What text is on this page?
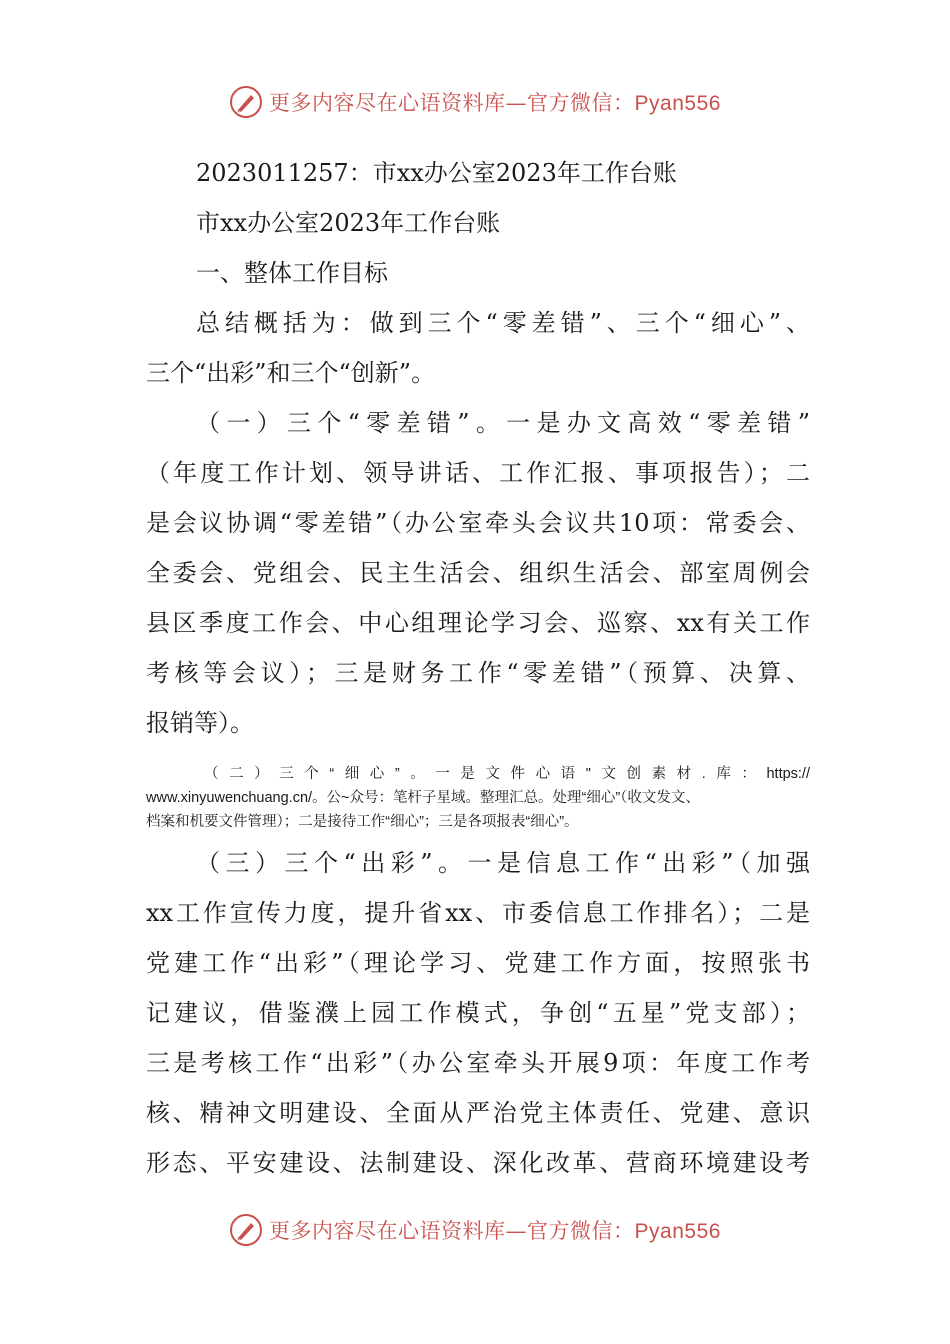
更多内容尽在心语资料库—官方微信：Pyan556
2023011257：市xx办公室2023年工作台账
市xx办公室2023年工作台账
一、整体工作目标
总结概括为：做到三个“零差错”、三个“细心”、
三个“出彩”和三个“创新”。
（一）三个“零差错”。一是办文高效“零差错”
（年度工作计划、领导讲话、工作汇报、事项报告）；二
是会议协调“零差错”（办公室牵头会议共10项：常委会、
全委会、党组会、民主生活会、组织生活会、部室周例会
县区季度工作会、中心组理论学习会、巡察、xx有关工作
考核等会议）；三是财务工作“零差错”（预算、决算、
报销等）。
（二）三个“细心”。一是文件心语"文创素材.库：https://
www.xinyuwenchuang.cn/。公~众号：笔杆子星域。整理汇总。处理“细心”（收文发文、
档案和机要文件管理）；二是接待工作“细心”；三是各项报表“细心”。
（三）三个“出彩”。一是信息工作“出彩”（加强
xx工作宣传力度，提升省xx、市委信息工作排名）；二是
党建工作“出彩”（理论学习、党建工作方面，按照张书
记建议，借鉴濮上园工作模式，争创“五星”党支部）；
三是考核工作“出彩”（办公室牵头开展9项：年度工作考
核、精神文明建设、全面从严治党主体责任、党建、意识
形态、平安建设、法制建设、深化改革、营商环境建设考
更多内容尽在心语资料库—官方微信：Pyan556
